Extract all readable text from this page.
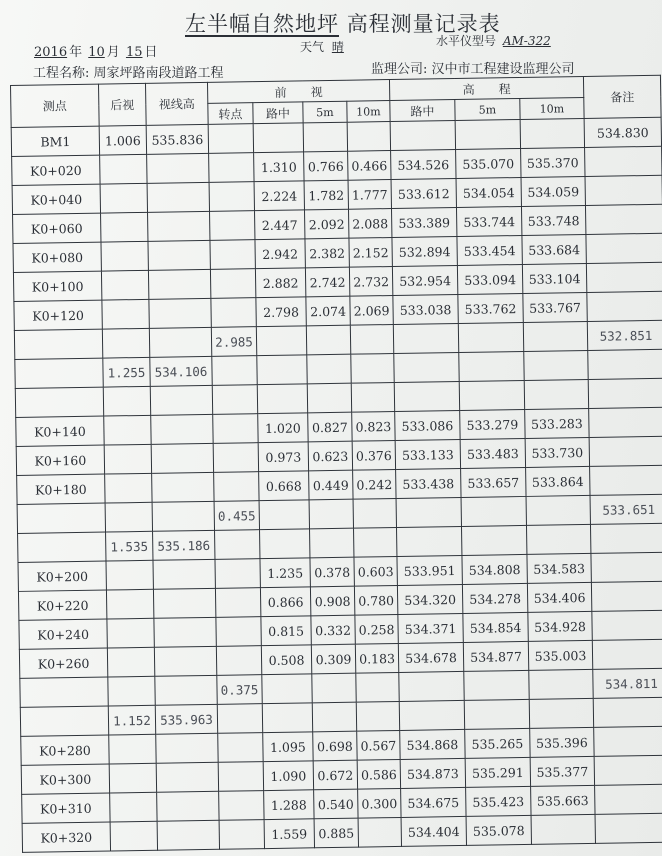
左半幅自然地坪 高程测量记录表
2016 年 10 月 15 日	天气 晴	水平仪型号 AM-322
工程名称: 周家坪路南段道路工程	监理公司: 汉中市工程建设监理公司
测点	后视	视线高	前　　视				高　　程			备注
			转点	路中	5m	10m	路中	5m	10m	
BM1	1.006	535.836								534.830
K0+020				1.310	0.766	0.466	534.526	535.070	535.370	
K0+040				2.224	1.782	1.777	533.612	534.054	534.059	
K0+060				2.447	2.092	2.088	533.389	533.744	533.748	
K0+080				2.942	2.382	2.152	532.894	533.454	533.684	
K0+100				2.882	2.742	2.732	532.954	533.094	533.104	
K0+120				2.798	2.074	2.069	533.038	533.762	533.767	
			2.985							532.851
	1.255	534.106								

K0+140				1.020	0.827	0.823	533.086	533.279	533.283	
K0+160				0.973	0.623	0.376	533.133	533.483	533.730	
K0+180				0.668	0.449	0.242	533.438	533.657	533.864	
			0.455							533.651
	1.535	535.186								
K0+200				1.235	0.378	0.603	533.951	534.808	534.583	
K0+220				0.866	0.908	0.780	534.320	534.278	534.406	
K0+240				0.815	0.332	0.258	534.371	534.854	534.928	
K0+260				0.508	0.309	0.183	534.678	534.877	535.003	
			0.375							534.811
	1.152	535.963								
K0+280				1.095	0.698	0.567	534.868	535.265	535.396	
K0+300				1.090	0.672	0.586	534.873	535.291	535.377	
K0+310				1.288	0.540	0.300	534.675	535.423	535.663	
K0+320				1.559	0.885		534.404	535.078		
